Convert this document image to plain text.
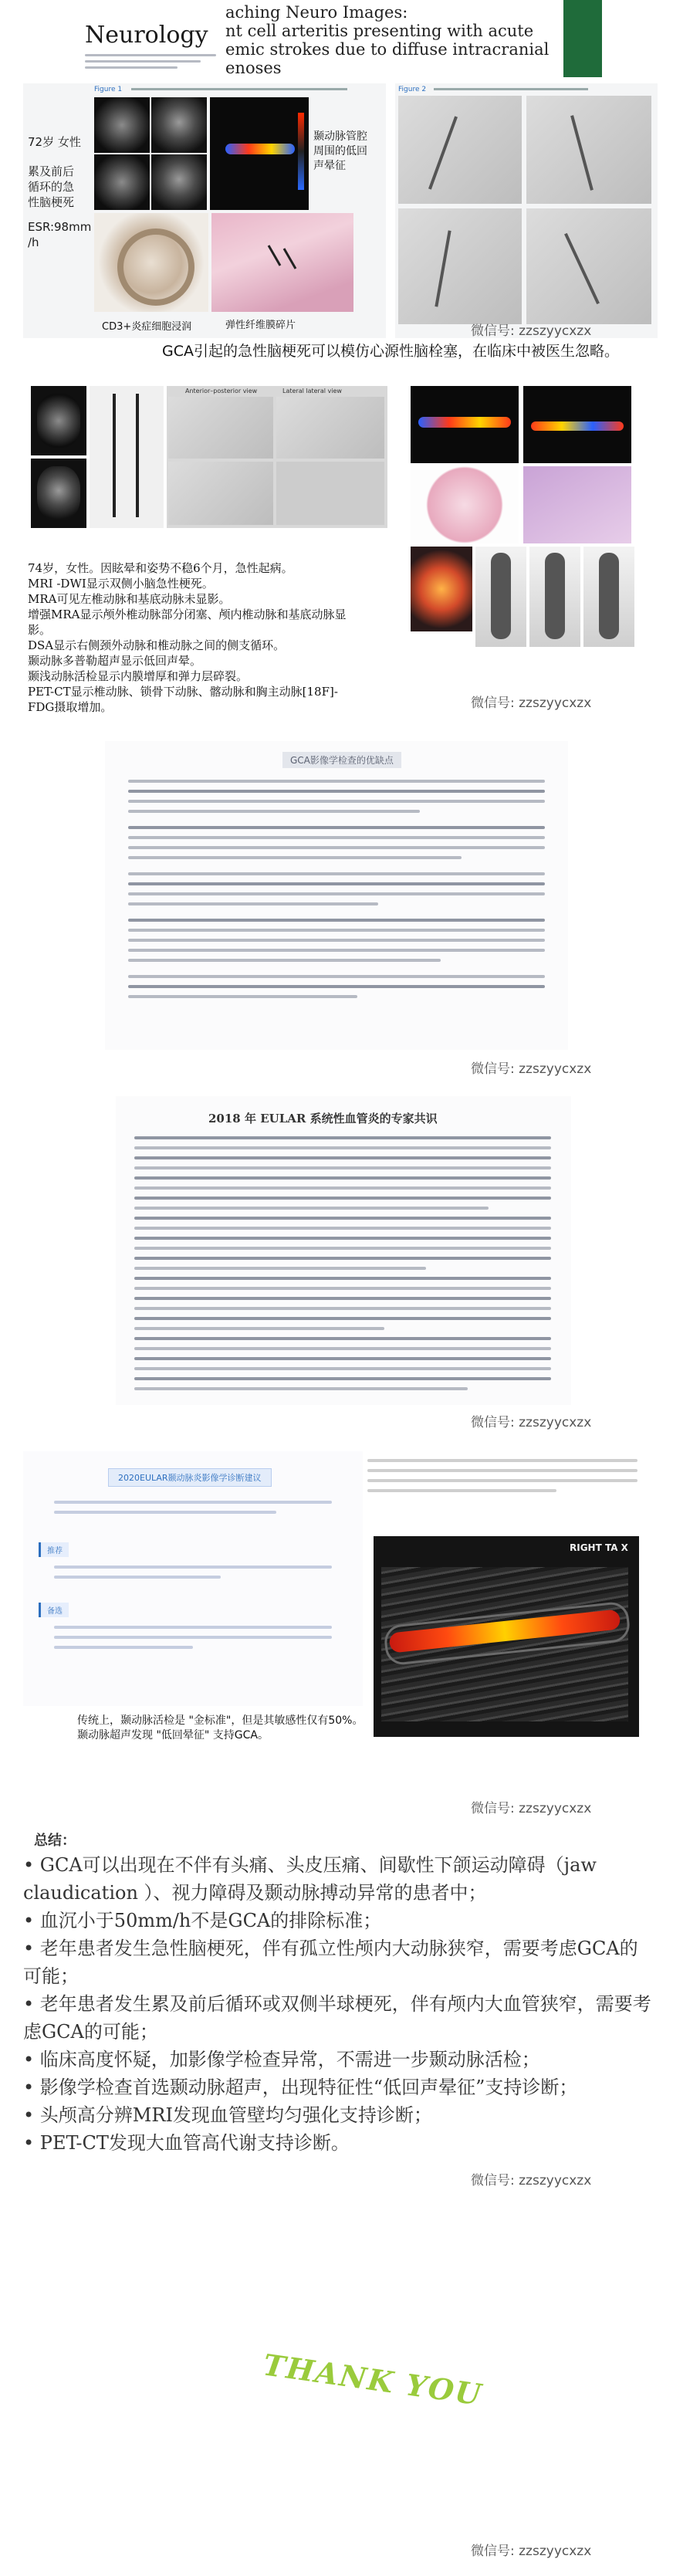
Neurology
aching Neuro Images:
nt cell arteritis presenting with acute
emic strokes due to diffuse intracranial
enoses
Figure 1
72岁 女性
累及前后
循环的急
性脑梗死
ESR:98mm
/h
颞动脉管腔
周围的低回
声晕征
CD3+炎症细胞浸润	弹性纤维膜碎片
Figure 2
微信号: zzszyycxzx
GCA引起的急性脑梗死可以模仿心源性脑栓塞，在临床中被医生忽略。
Anterior–posterior view	Lateral lateral view
74岁，女性。因眩晕和姿势不稳6个月，急性起病。
MRI -DWI显示双侧小脑急性梗死。
MRA可见左椎动脉和基底动脉未显影。
增强MRA显示颅外椎动脉部分闭塞、颅内椎动脉和基底动脉显
影。
DSA显示右侧颈外动脉和椎动脉之间的侧支循环。
颞动脉多普勒超声显示低回声晕。
颞浅动脉活检显示内膜增厚和弹力层碎裂。
PET-CT显示椎动脉、锁骨下动脉、髂动脉和胸主动脉[18F]-
FDG摄取增加。	微信号: zzszyycxzx
GCA影像学检查的优缺点
微信号: zzszyycxzx
2018 年 EULAR 系统性血管炎的专家共识
微信号: zzszyycxzx
2020EULAR颞动脉炎影像学诊断建议
推荐
备选
RIGHT TA X
传统上，颞动脉活检是 "金标准"，但是其敏感性仅有50%。
颞动脉超声发现 "低回晕征" 支持GCA。
微信号: zzszyycxzx
总结：
• GCA可以出现在不伴有头痛、头皮压痛、间歇性下颌运动障碍（jaw claudication ）、视力障碍及颞动脉搏动异常的患者中；
• 血沉小于50mm/h不是GCA的排除标准；
• 老年患者发生急性脑梗死，伴有孤立性颅内大动脉狭窄，需要考虑GCA的可能；
• 老年患者发生累及前后循环或双侧半球梗死，伴有颅内大血管狭窄，需要考虑GCA的可能；
• 临床高度怀疑，加影像学检查异常，不需进一步颞动脉活检；
• 影像学检查首选颞动脉超声，出现特征性“低回声晕征”支持诊断；
• 头颅高分辨MRI发现血管壁均匀强化支持诊断；
• PET-CT发现大血管高代谢支持诊断。
微信号: zzszyycxzx
THANK YOU
微信号: zzszyycxzx
